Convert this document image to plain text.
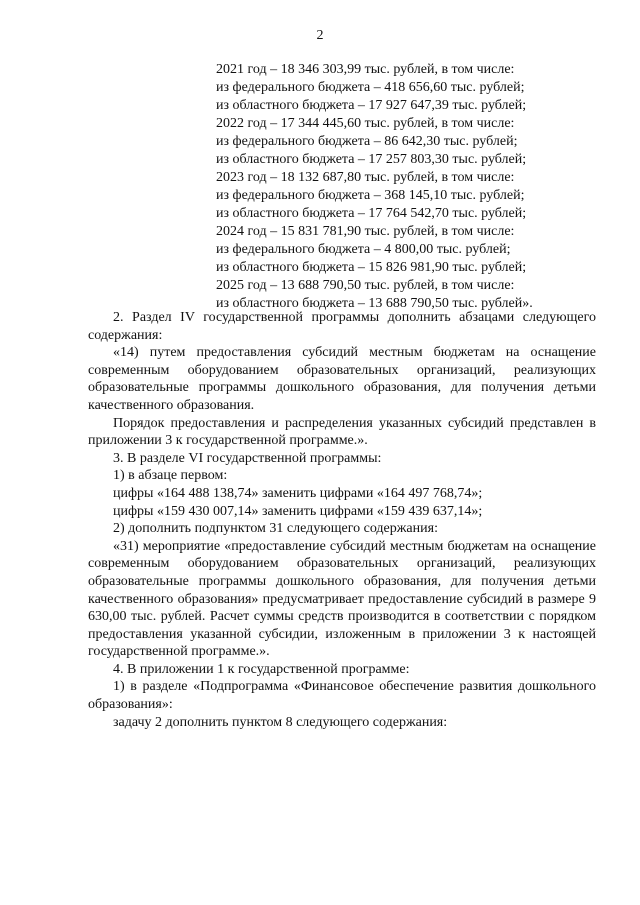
2
2021 год – 18 346 303,99 тыс. рублей, в том числе:
из федерального бюджета – 418 656,60 тыс. рублей;
из областного бюджета – 17 927 647,39 тыс. рублей;
2022 год – 17 344 445,60 тыс. рублей, в том числе:
из федерального бюджета – 86 642,30 тыс. рублей;
из областного бюджета – 17 257 803,30 тыс. рублей;
2023 год – 18 132 687,80 тыс. рублей, в том числе:
из федерального бюджета – 368 145,10 тыс. рублей;
из областного бюджета – 17 764 542,70 тыс. рублей;
2024 год – 15 831 781,90 тыс. рублей, в том числе:
из федерального бюджета – 4 800,00 тыс. рублей;
из областного бюджета – 15 826 981,90 тыс. рублей;
2025 год – 13 688 790,50 тыс. рублей, в том числе:
из областного бюджета – 13 688 790,50 тыс. рублей».

2. Раздел IV государственной программы дополнить абзацами следующего содержания:

«14) путем предоставления субсидий местным бюджетам на оснащение современным оборудованием образовательных организаций, реализующих образовательные программы дошкольного образования, для получения детьми качественного образования.

Порядок предоставления и распределения указанных субсидий представлен в приложении 3 к государственной программе.».

3. В разделе VI государственной программы:

1) в абзаце первом:

цифры «164 488 138,74» заменить цифрами «164 497 768,74»;

цифры «159 430 007,14» заменить цифрами «159 439 637,14»;

2) дополнить подпунктом 31 следующего содержания:

«31) мероприятие «предоставление субсидий местным бюджетам на оснащение современным оборудованием образовательных организаций, реализующих образовательные программы дошкольного образования, для получения детьми качественного образования» предусматривает предоставление субсидий в размере 9 630,00 тыс. рублей. Расчет суммы средств производится в соответствии с порядком предоставления указанной субсидии, изложенным в приложении 3 к настоящей государственной программе.».

4. В приложении 1 к государственной программе:

1) в разделе «Подпрограмма «Финансовое обеспечение развития дошкольного образования»:

задачу 2 дополнить пунктом 8 следующего содержания:
